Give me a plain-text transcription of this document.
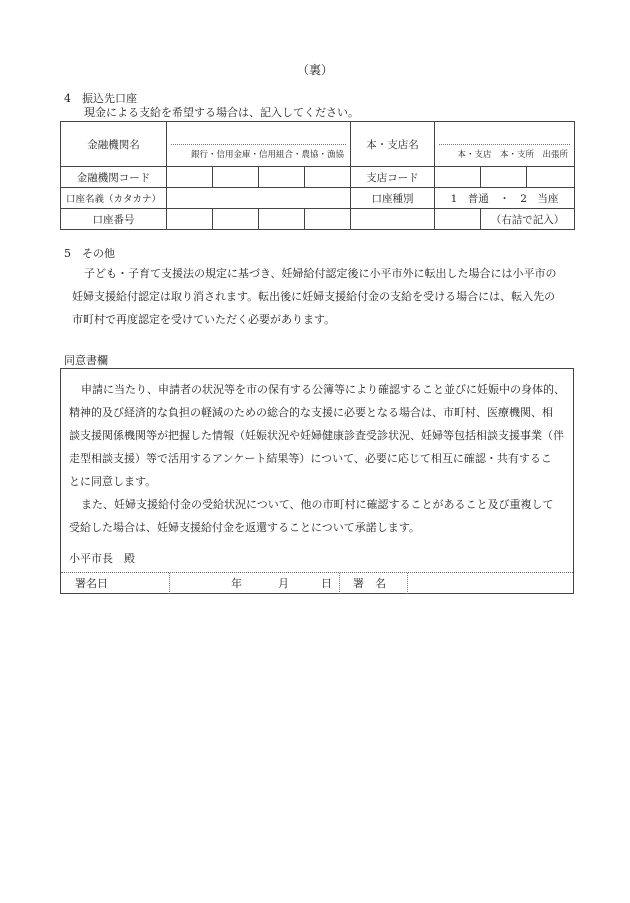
（裏）
4　振込先口座
現金による支給を希望する場合は、記入してください。
金融機関名	銀行・信用金庫・信用組合・農協・漁協				本・支店名	本・支店　本・支所　出張所		

金融機関コード					支店コード			
口座名義（カタカナ）					口座種別	1　普通　・　2　当座		
口座番号							（右詰で記入）	
5　その他
子ども・子育て支援法の規定に基づき、妊婦給付認定後に小平市外に転出した場合には小平市の
妊婦支援給付認定は取り消されます。転出後に妊婦支援給付金の支給を受ける場合には、転入先の
市町村で再度認定を受けていただく必要があります。
同意書欄
申請に当たり、申請者の状況等を市の保有する公簿等により確認すること並びに妊娠中の身体的、
精神的及び経済的な負担の軽減のための総合的な支援に必要となる場合は、市町村、医療機関、相
談支援関係機関等が把握した情報（妊娠状況や妊婦健康診査受診状況、妊婦等包括相談支援事業（伴
走型相談支援）等で活用するアンケート結果等）について、必要に応じて相互に確認・共有するこ
とに同意します。
また、妊婦支援給付金の受給状況について、他の市町村に確認することがあること及び重複して
受給した場合は、妊婦支援給付金を返還することについて承諾します。
小平市長　殿
署名日	年	月	日 署　名
